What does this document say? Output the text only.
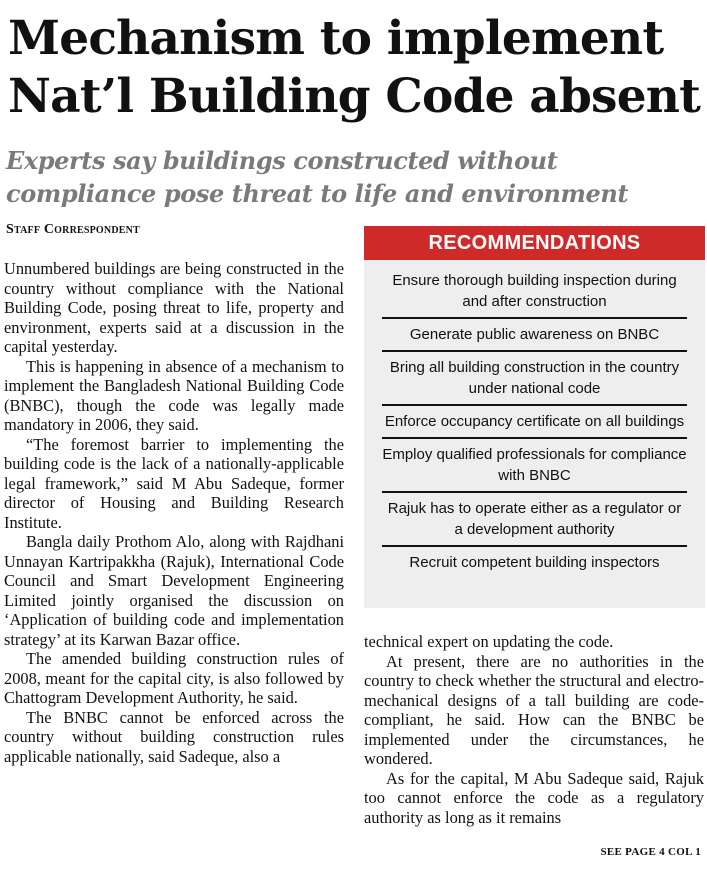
Mechanism to implement Nat’l Building Code absent
Experts say buildings constructed without compliance pose threat to life and environment
Staff Correspondent

Unnumbered buildings are being constructed in the country without compliance with the National Building Code, posing threat to life, property and environment, experts said at a discussion in the capital yesterday.

This is happening in absence of a mechanism to implement the Bangladesh National Building Code (BNBC), though the code was legally made mandatory in 2006, they said.

“The foremost barrier to implementing the building code is the lack of a nationally-applicable legal framework,” said M Abu Sadeque, former director of Housing and Building Research Institute.

Bangla daily Prothom Alo, along with Rajdhani Unnayan Kartripakkha (Rajuk), International Code Council and Smart Development Engineering Limited jointly organised the discussion on ‘Application of building code and implementation strategy’ at its Karwan Bazar office.

The amended building construction rules of 2008, meant for the capital city, is also followed by Chattogram Development Authority, he said.

The BNBC cannot be enforced across the country without building construction rules applicable nationally, said Sadeque, also a

RECOMMENDATIONS
Ensure thorough building inspection during and after construction
Generate public awareness on BNBC
Bring all building construction in the country under national code
Enforce occupancy certificate on all buildings
Employ qualified professionals for compliance with BNBC
Rajuk has to operate either as a regulator or a development authority
Recruit competent building inspectors

technical expert on updating the code.

At present, there are no authorities in the country to check whether the structural and electro-mechanical designs of a tall building are code-compliant, he said. How can the BNBC be implemented under the circumstances, he wondered.

As for the capital, M Abu Sadeque said, Rajuk too cannot enforce the code as a regulatory authority as long as it remains

SEE PAGE 4 COL 1
